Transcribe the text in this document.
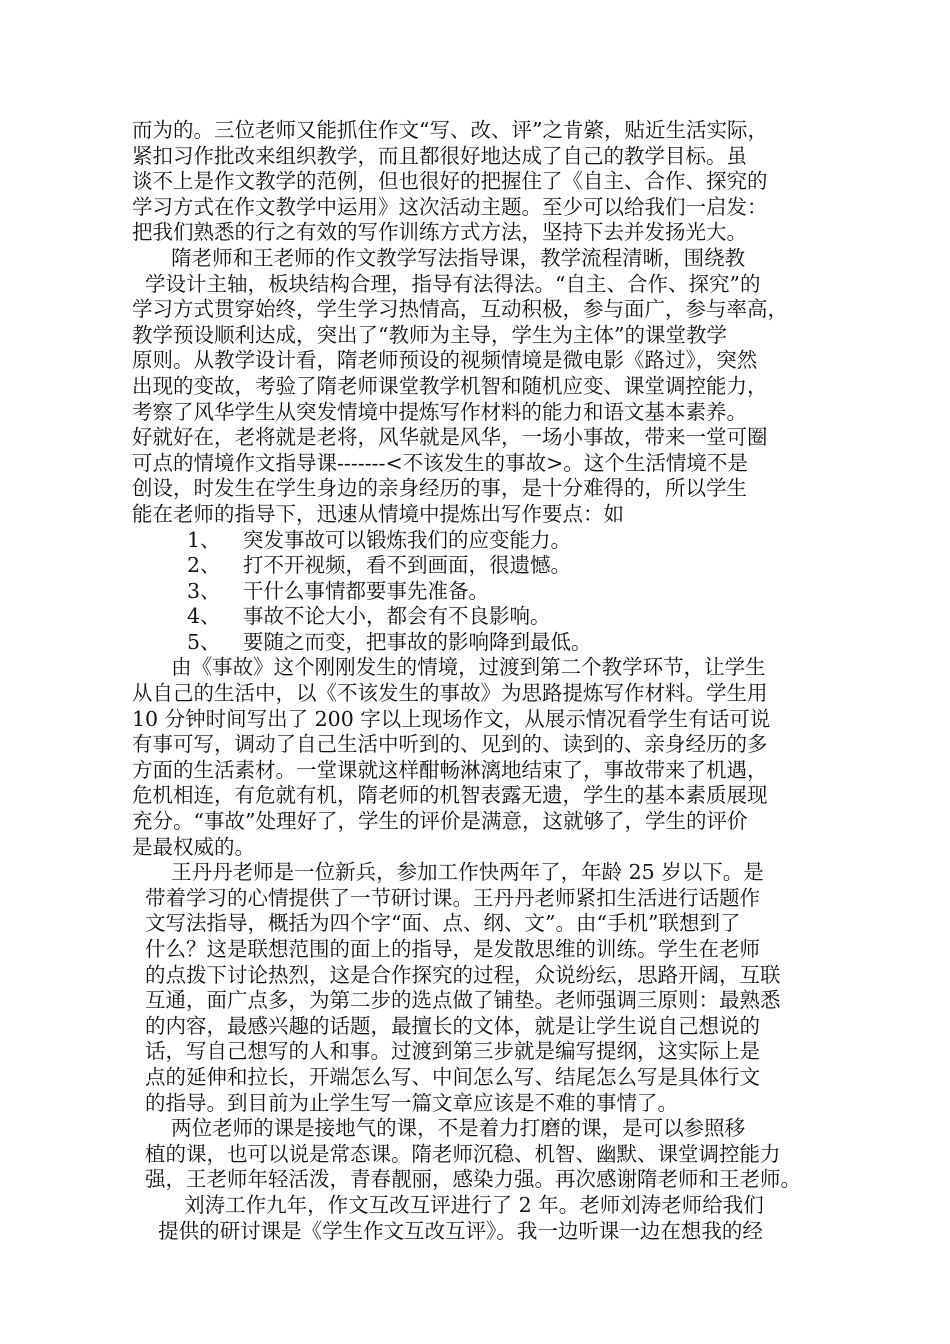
而为的。三位老师又能抓住作文“写、改、评”之肯綮，贴近生活实际，
紧扣习作批改来组织教学，而且都很好地达成了自己的教学目标。虽
谈不上是作文教学的范例，但也很好的把握住了《自主、合作、探究的
学习方式在作文教学中运用》这次活动主题。至少可以给我们一启发：
把我们熟悉的行之有效的写作训练方式方法，坚持下去并发扬光大。
隋老师和王老师的作文教学写法指导课，教学流程清晰，围绕教
学设计主轴，板块结构合理，指导有法得法。“自主、合作、探究”的
学习方式贯穿始终，学生学习热情高，互动积极，参与面广，参与率高，
教学预设顺利达成，突出了“教师为主导，学生为主体”的课堂教学
原则。从教学设计看，隋老师预设的视频情境是微电影《路过》，突然
出现的变故，考验了隋老师课堂教学机智和随机应变、课堂调控能力，
考察了风华学生从突发情境中提炼写作材料的能力和语文基本素养。
好就好在，老将就是老将，风华就是风华，一场小事故，带来一堂可圈
可点的情境作文指导课-------<不该发生的事故>。这个生活情境不是
创设，时发生在学生身边的亲身经历的事，是十分难得的，所以学生
能在老师的指导下，迅速从情境中提炼出写作要点：如
1、 突发事故可以锻炼我们的应变能力。
2、 打不开视频，看不到画面，很遗憾。
3、 干什么事情都要事先准备。
4、 事故不论大小，都会有不良影响。
5、 要随之而变，把事故的影响降到最低。
由《事故》这个刚刚发生的情境，过渡到第二个教学环节，让学生
从自己的生活中，以《不该发生的事故》为思路提炼写作材料。学生用
10 分钟时间写出了 200 字以上现场作文，从展示情况看学生有话可说
有事可写，调动了自己生活中听到的、见到的、读到的、亲身经历的多
方面的生活素材。一堂课就这样酣畅淋漓地结束了，事故带来了机遇，
危机相连，有危就有机，隋老师的机智表露无遗，学生的基本素质展现
充分。“事故”处理好了，学生的评价是满意，这就够了，学生的评价
是最权威的。
王丹丹老师是一位新兵，参加工作快两年了，年龄 25 岁以下。是
带着学习的心情提供了一节研讨课。王丹丹老师紧扣生活进行话题作
文写法指导，概括为四个字“面、点、纲、文”。由“手机”联想到了
什么？这是联想范围的面上的指导，是发散思维的训练。学生在老师
的点拨下讨论热烈，这是合作探究的过程，众说纷纭，思路开阔，互联
互通，面广点多，为第二步的选点做了铺垫。老师强调三原则：最熟悉
的内容，最感兴趣的话题，最擅长的文体，就是让学生说自己想说的
话，写自己想写的人和事。过渡到第三步就是编写提纲，这实际上是
点的延伸和拉长，开端怎么写、中间怎么写、结尾怎么写是具体行文
的指导。到目前为止学生写一篇文章应该是不难的事情了。
两位老师的课是接地气的课，不是着力打磨的课，是可以参照移
植的课，也可以说是常态课。隋老师沉稳、机智、幽默、课堂调控能力
强，王老师年轻活泼，青春靓丽，感染力强。再次感谢隋老师和王老师。
刘涛工作九年，作文互改互评进行了 2 年。老师刘涛老师给我们
提供的研讨课是《学生作文互改互评》。我一边听课一边在想我的经
